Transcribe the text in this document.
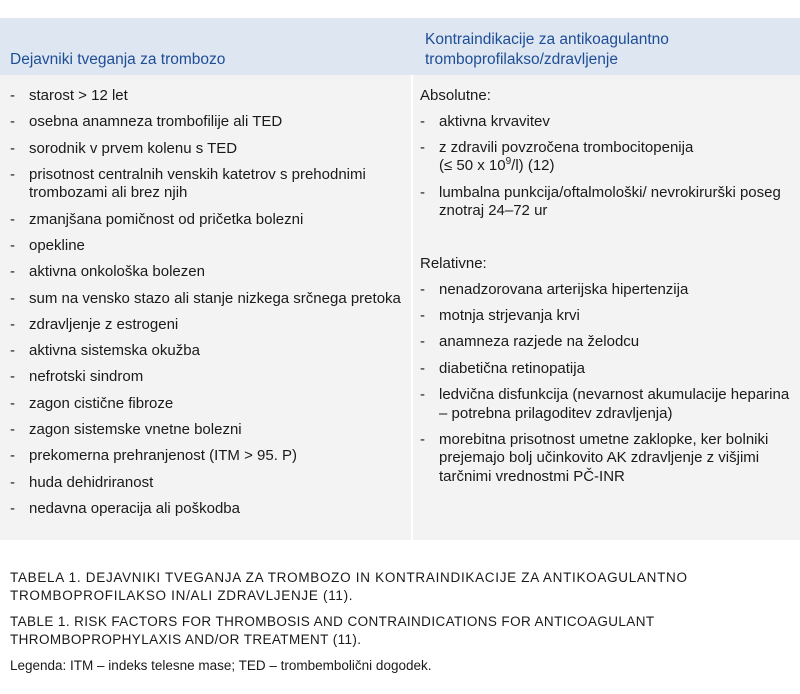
Dejavniki tveganja za trombozo
Kontraindikacije za antikoagulantno tromboprofilakso/zdravljenje
- starost > 12 let
- osebna anamneza trombofilije ali TED
- sorodnik v prvem kolenu s TED
- prisotnost centralnih venskih katetrov s prehodnimi trombozami ali brez njih
- zmanjšana pomičnost od pričetka bolezni
- opekline
- aktivna onkološka bolezen
- sum na vensko stazo ali stanje nizkega srčnega pretoka
- zdravljenje z estrogeni
- aktivna sistemska okužba
- nefrotski sindrom
- zagon cistične fibroze
- zagon sistemske vnetne bolezni
- prekomerna prehranjenost (ITM > 95. P)
- huda dehidriranost
- nedavna operacija ali poškodba
Absolutne:
- aktivna krvavitev
- z zdravili povzročena trombocitopenija
(≤ 50 x $10^9/l$) (12)
- lumbalna punkcija/oftalmološki/ nevrokirurški poseg znotraj 24–72 ur
Relativne:
- nenadzorovana arterijska hipertenzija
- motnja strjevanja krvi
- anamneza razjede na želodcu
- diabetična retinopatija
- ledvična disfunkcija (nevarnost akumulacije heparina – potrebna prilagoditev zdravljenja)
- morebitna prisotnost umetne zaklopke, ker bolniki prejemajo bolj učinkovito AK zdravljenje z višjimi tarčnimi vrednostmi PČ-INR
TABELA 1. DEJAVNIKI TVEGANJA ZA TROMBOZO IN KONTRAINDIKACIJE ZA ANTIKOAGULANTNO TROMBOPROFILAKSO IN/ALI ZDRAVLJENJE (11).
TABLE 1. RISK FACTORS FOR THROMBOSIS AND CONTRAINDICATIONS FOR ANTICOAGULANT THROMBOPROPHYLAXIS AND/OR TREATMENT (11).
Legenda: ITM – indeks telesne mase; TED – trombembolični dogodek.
